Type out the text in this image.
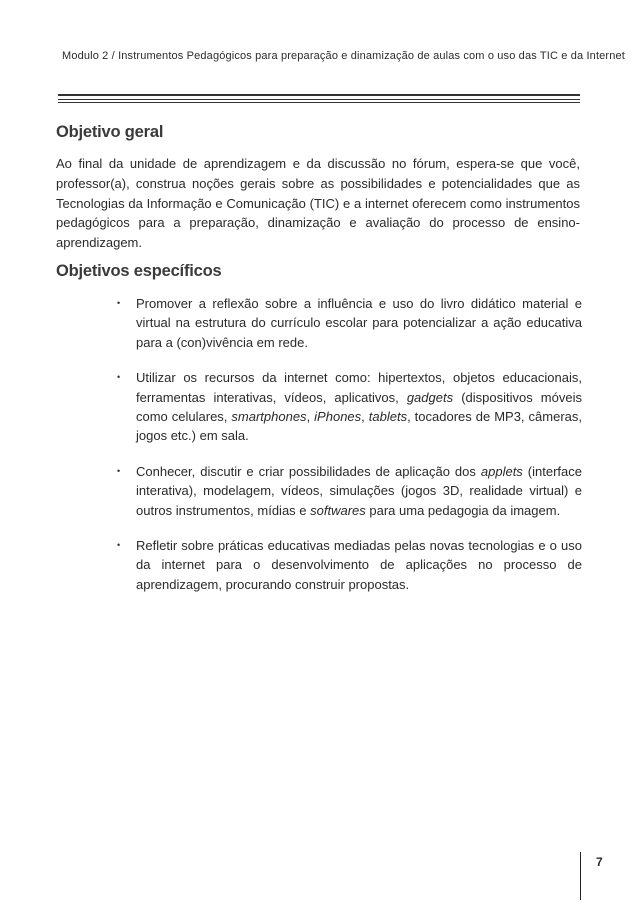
Modulo 2 / Instrumentos Pedagógicos para preparação e dinamização de aulas com o uso das TIC e da Internet
Objetivo geral

Ao final da unidade de aprendizagem e da discussão no fórum, espera-se que você, professor(a), construa noções gerais sobre as possibilidades e potencialidades que as Tecnologias da Informação e Comunicação (TIC) e a internet oferecem como instrumentos pedagógicos para a preparação, dinamização e avaliação do processo de ensino-aprendizagem.

Objetivos específicos
• Promover a reflexão sobre a influência e uso do livro didático material e virtual na estrutura do currículo escolar para potencializar a ação educativa para a (con)vivência em rede.
• Utilizar os recursos da internet como: hipertextos, objetos educacionais, ferramentas interativas, vídeos, aplicativos, gadgets (dispositivos móveis como celulares, smartphones, iPhones, tablets, tocadores de MP3, câmeras, jogos etc.) em sala.
• Conhecer, discutir e criar possibilidades de aplicação dos applets (interface interativa), modelagem, vídeos, simulações (jogos 3D, realidade virtual) e outros instrumentos, mídias e softwares para uma pedagogia da imagem.
• Refletir sobre práticas educativas mediadas pelas novas tecnologias e o uso da internet para o desenvolvimento de aplicações no processo de aprendizagem, procurando construir propostas.
7
